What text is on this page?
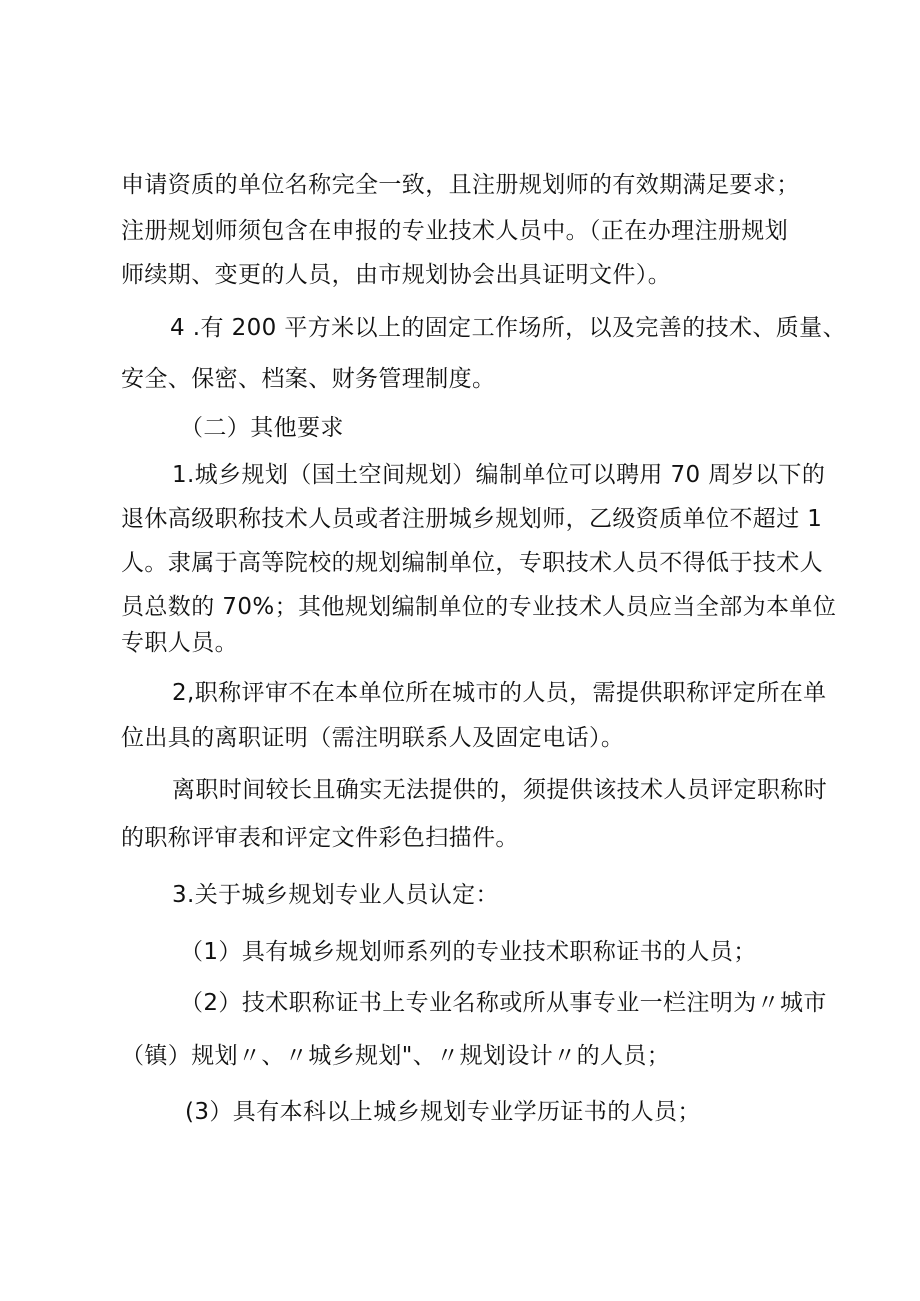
申请资质的单位名称完全一致，且注册规划师的有效期满足要求；
注册规划师须包含在申报的专业技术人员中。（正在办理注册规划
师续期、变更的人员，由市规划协会出具证明文件）。
4 .有 200 平方米以上的固定工作场所，以及完善的技术、质量、
安全、保密、档案、财务管理制度。
（二）其他要求
1.城乡规划（国土空间规划）编制单位可以聘用 70 周岁以下的
退休高级职称技术人员或者注册城乡规划师，乙级资质单位不超过 1
人。隶属于高等院校的规划编制单位，专职技术人员不得低于技术人
员总数的 70%；其他规划编制单位的专业技术人员应当全部为本单位
专职人员。
2,职称评审不在本单位所在城市的人员，需提供职称评定所在单
位出具的离职证明（需注明联系人及固定电话）。
离职时间较长且确实无法提供的，须提供该技术人员评定职称时
的职称评审表和评定文件彩色扫描件。
3.关于城乡规划专业人员认定：
（1）具有城乡规划师系列的专业技术职称证书的人员；
（2）技术职称证书上专业名称或所从事专业一栏注明为〃城市
（镇）规划〃、〃城乡规划"、〃规划设计〃的人员；
(3）具有本科以上城乡规划专业学历证书的人员；
